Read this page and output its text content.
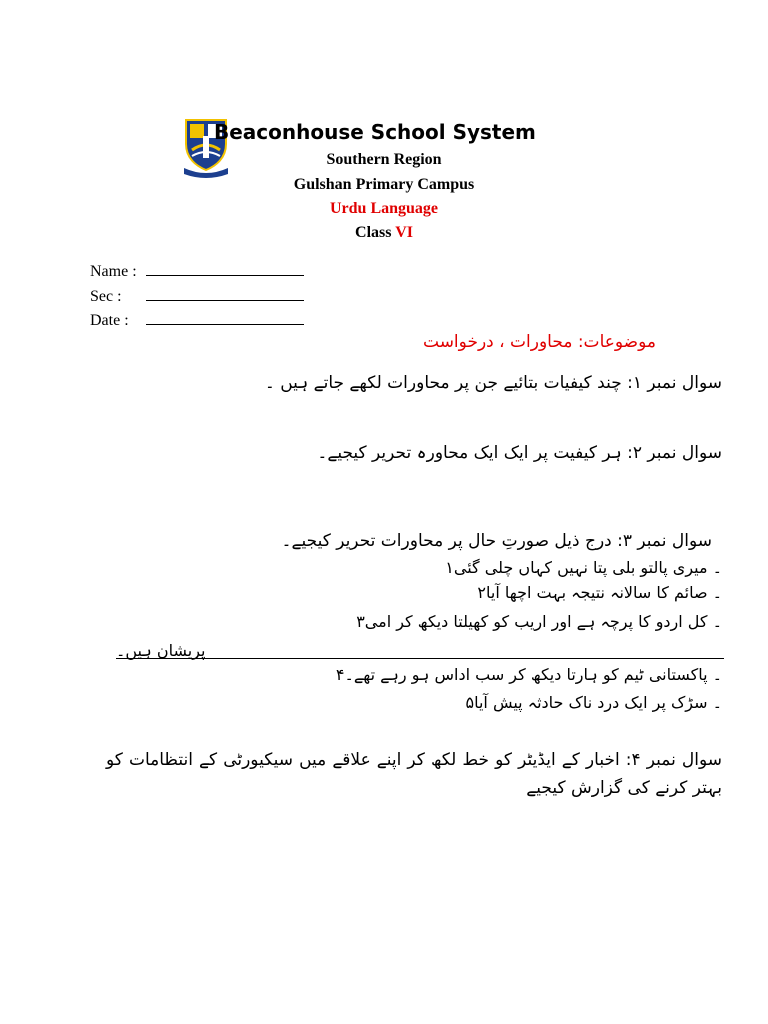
Beaconhouse School System
Southern Region
Gulshan Primary Campus
Urdu Language
Class VI
Name :
Sec :
Date :
موضوعات: محاورات ، درخواست
سوال نمبر ۱: چند کیفیات بتائیے جن پر محاورات لکھے جاتے ہیں ۔
سوال نمبر ۲: ہر کیفیت پر ایک ایک محاورہ تحریر کیجیے۔
سوال نمبر ۳: درج ذیل صورتِ حال پر محاورات تحریر کیجیے۔
۔ میری پالتو بلی پتا نہیں کہاں چلی گئی۱
۔ صائم کا سالانہ نتیجہ بہت اچھا آیا۲
۔ کل اردو کا پرچہ ہے اور اریب کو کھیلتا دیکھ کر امی۳
پریشان ہیں۔
۔ پاکستانی ٹیم کو ہارتا دیکھ کر سب اداس ہو رہے تھے۔۴
۔ سڑک پر ایک درد ناک حادثہ پیش آیا۵
سوال نمبر ۴: اخبار کے ایڈیٹر کو خط لکھ کر اپنے علاقے میں سیکیورٹی کے انتظامات کو بہتر کرنے کی گزارش کیجیے
